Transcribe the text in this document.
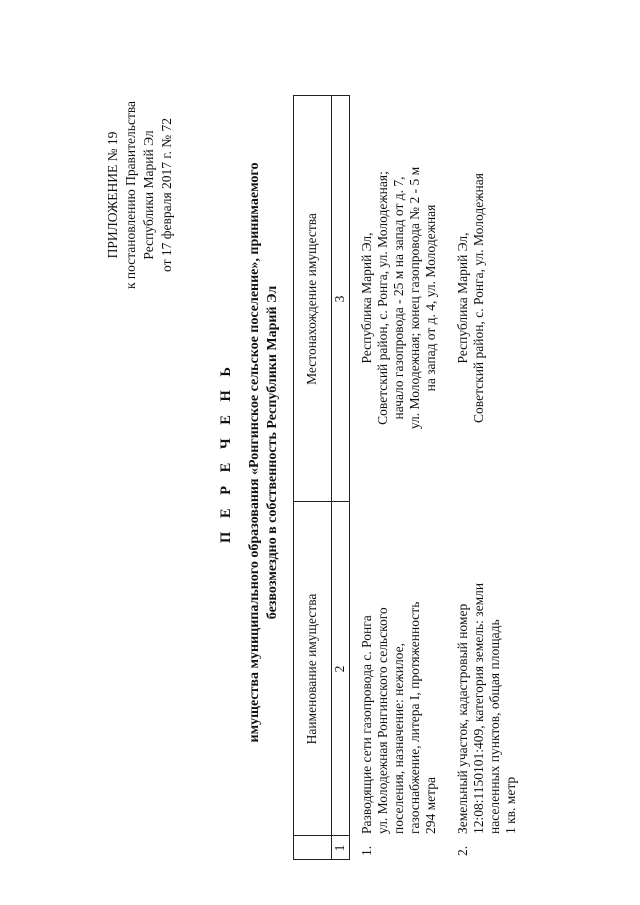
ПРИЛОЖЕНИЕ № 19 к постановлению Правительства Республики Марий Эл от 17 февраля 2017 г. № 72
П Е Р Е Ч Е Н Ь имущества муниципального образования «Ронгинское сельское поселение», принимаемого безвозмездно в собственность Республики Марий Эл
Наименование имущества
Местонахождение имущества
1
2
3
1.
Разводящие сети газопровода с. Ронга ул. Молодежная Ронгинского сельского поселения, назначение: нежилое, газоснабжение, литера I, протяженность 294 метра
Республика Марий Эл, Советский район, с. Ронга, ул. Молодежная; начало газопровода - 25 м на запад от д. 7, ул. Молодежная; конец газопровода № 2 - 5 м на запад от д. 4, ул. Молодежная
2.
Земельный участок, кадастровый номер 12:08:1150101:409, категория земель: земли населенных пунктов, общая площадь 1 кв. метр
Республика Марий Эл, Советский район, с. Ронга, ул. Молодежная
